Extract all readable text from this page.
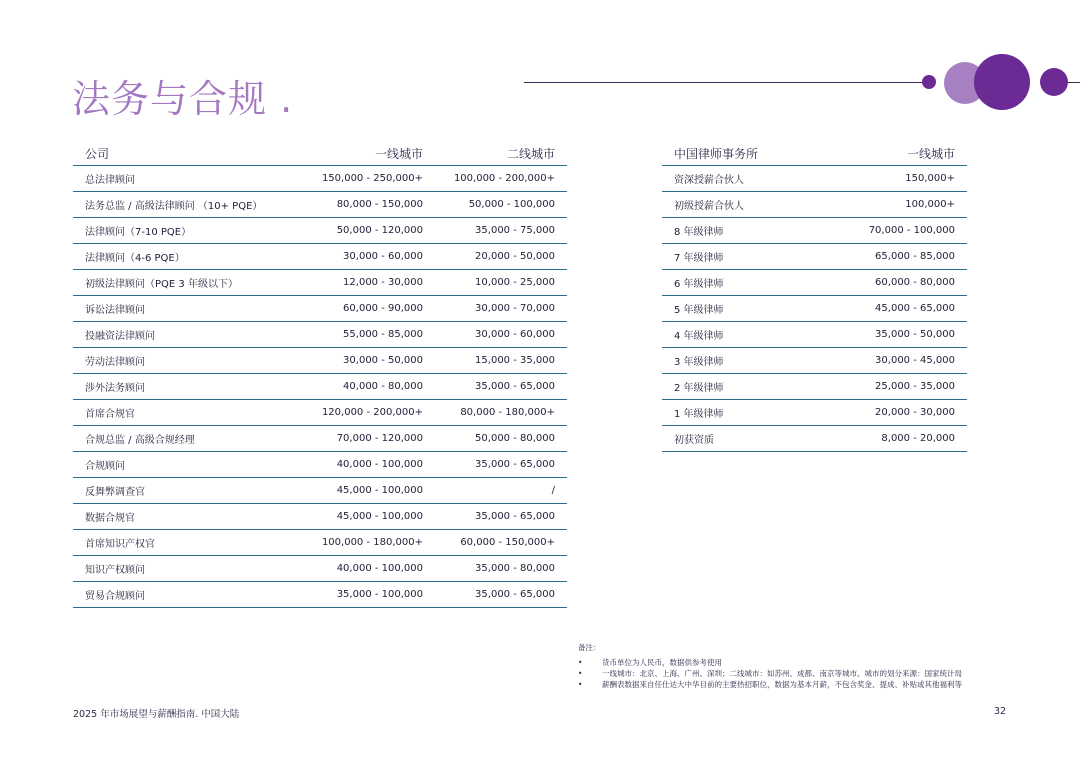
法务与合规 .
公司	一线城市	二线城市
总法律顾问	150,000 - 250,000+	100,000 - 200,000+
法务总监 / 高级法律顾问 （10+ PQE）	80,000 - 150,000	50,000 - 100,000
法律顾问（7-10 PQE）	50,000 - 120,000	35,000 - 75,000
法律顾问（4-6 PQE）	30,000 - 60,000	20,000 - 50,000
初级法律顾问（PQE 3 年级以下）	12,000 - 30,000	10,000 - 25,000
诉讼法律顾问	60,000 - 90,000	30,000 - 70,000
投融资法律顾问	55,000 - 85,000	30,000 - 60,000
劳动法律顾问	30,000 - 50,000	15,000 - 35,000
涉外法务顾问	40,000 - 80,000	35,000 - 65,000
首席合规官	120,000 - 200,000+	80,000 - 180,000+
合规总监 / 高级合规经理	70,000 - 120,000	50,000 - 80,000
合规顾问	40,000 - 100,000	35,000 - 65,000
反舞弊调查官	45,000 - 100,000	/
数据合规官	45,000 - 100,000	35,000 - 65,000
首席知识产权官	100,000 - 180,000+	60,000 - 150,000+
知识产权顾问	40,000 - 100,000	35,000 - 80,000
贸易合规顾问	35,000 - 100,000	35,000 - 65,000
中国律师事务所	一线城市
资深授薪合伙人	150,000+
初级授薪合伙人	100,000+
8 年级律师	70,000 - 100,000
7 年级律师	65,000 - 85,000
6 年级律师	60,000 - 80,000
5 年级律师	45,000 - 65,000
4 年级律师	35,000 - 50,000
3 年级律师	30,000 - 45,000
2 年级律师	25,000 - 35,000
1 年级律师	20,000 - 30,000
初获资质	8,000 - 20,000
备注：
• 货币单位为人民币，数据供参考使用
• 一线城市：北京、上海、广州、深圳；二线城市：如苏州、成都、南京等城市。城市的划分来源：国家统计局
• 薪酬表数据来自任仕达大中华目前的主要热招职位，数据为基本月薪，不包含奖金、提成、补贴或其他福利等
2025 年市场展望与薪酬指南. 中国大陆	32
